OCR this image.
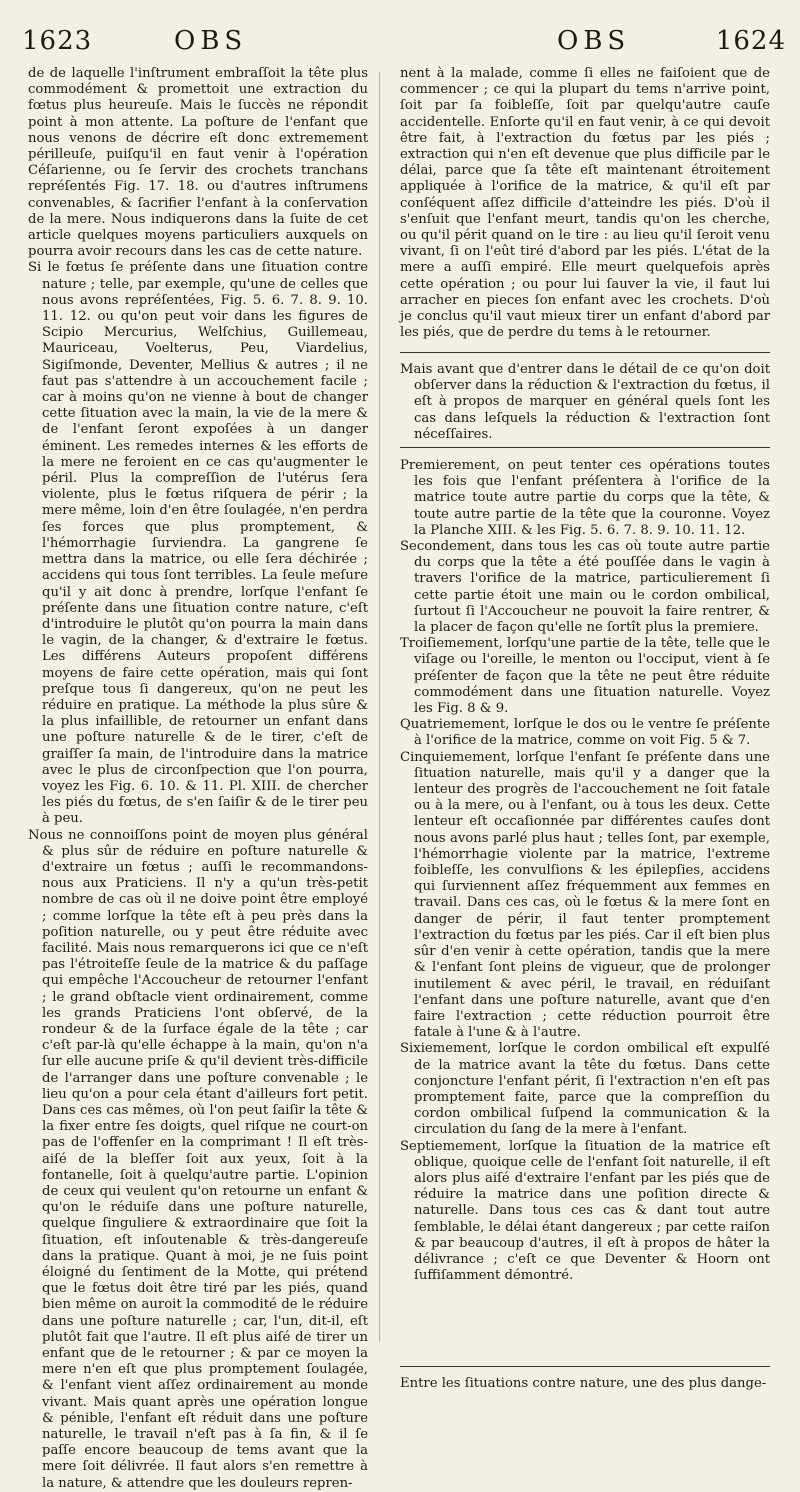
1623	OBS	OBS	1624

de de laquelle l'inſtrument embraſſoit la tête plus commodément & promettoit une extraction du fœtus plus heureuſe. Mais le ſuccès ne répondit point à mon attente. La poſture de l'enfant que nous venons de décrire eſt donc extremement périlleuſe, puiſqu'il en faut venir à l'opération Céſarienne, ou ſe ſervir des crochets tranchans repréſentés Fig. 17. 18. ou d'autres inſtrumens convenables, & ſacrifier l'enfant à la conſervation de la mere. Nous indiquerons dans la ſuite de cet article quelques moyens particuliers auxquels on pourra avoir recours dans les cas de cette nature.

Si le fœtus ſe préſente dans une ſituation contre nature ; telle, par exemple, qu'une de celles que nous avons repréſentées, Fig. 5. 6. 7. 8. 9. 10. 11. 12. ou qu'on peut voir dans les figures de Scipio Mercurius, Welſchius, Guillemeau, Mauriceau, Voelterus, Peu, Viardelius, Sigiſmonde, Deventer, Mellius & autres ; il ne faut pas s'attendre à un accouchement facile ; car à moins qu'on ne vienne à bout de changer cette ſituation avec la main, la vie de la mere & de l'enfant ſeront expoſées à un danger éminent. Les remedes internes & les efforts de la mere ne feroient en ce cas qu'augmenter le péril. Plus la compreſſion de l'utérus ſera violente, plus le fœtus riſquera de périr ; la mere même, loin d'en être ſoulagée, n'en perdra ſes forces que plus promptement, & l'hémorrhagie ſurviendra. La gangrene ſe mettra dans la matrice, ou elle ſera déchirée ; accidens qui tous ſont terribles. La ſeule meſure qu'il y ait donc à prendre, lorſque l'enfant ſe préſente dans une ſituation contre nature, c'eſt d'introduire le plutôt qu'on pourra la main dans le vagin, de la changer, & d'extraire le fœtus. Les différens Auteurs propoſent différens moyens de faire cette opération, mais qui ſont preſque tous ſi dangereux, qu'on ne peut les réduire en pratique. La méthode la plus sûre & la plus infaillible, de retourner un enfant dans une poſture naturelle & de le tirer, c'eſt de graiſſer ſa main, de l'introduire dans la matrice avec le plus de circonſpection que l'on pourra, voyez les Fig. 6. 10. & 11. Pl. XIII. de chercher les piés du fœtus, de s'en ſaiſir & de le tirer peu à peu.

Nous ne connoiſſons point de moyen plus général & plus sûr de réduire en poſture naturelle & d'extraire un fœtus ; auſſi le recommandons-nous aux Praticiens. Il n'y a qu'un très-petit nombre de cas où il ne doive point être employé ; comme lorſque la tête eſt à peu près dans la poſition naturelle, ou y peut être réduite avec facilité. Mais nous remarquerons ici que ce n'eſt pas l'étroiteſſe ſeule de la matrice & du paſſage qui empêche l'Accoucheur de retourner l'enfant ; le grand obſtacle vient ordinairement, comme les grands Praticiens l'ont obſervé, de la rondeur & de la ſurface égale de la tête ; car c'eſt par-là qu'elle échappe à la main, qu'on n'a ſur elle aucune priſe & qu'il devient très-difficile de l'arranger dans une poſture convenable ; le lieu qu'on a pour cela étant d'ailleurs fort petit. Dans ces cas mêmes, où l'on peut ſaiſir la tête & la fixer entre ſes doigts, quel riſque ne court-on pas de l'offenſer en la comprimant ! Il eſt très-aiſé de la bleſſer ſoit aux yeux, ſoit à la fontanelle, ſoit à quelqu'autre partie. L'opinion de ceux qui veulent qu'on retourne un enfant & qu'on le réduiſe dans une poſture naturelle, quelque ſinguliere & extraordinaire que ſoit la ſituation, eſt inſoutenable & très-dangereuſe dans la pratique. Quant à moi, je ne ſuis point éloigné du ſentiment de la Motte, qui prétend que le fœtus doit être tiré par les piés, quand bien même on auroit la commodité de le réduire dans une poſture naturelle ; car, l'un, dit-il, eſt plutôt fait que l'autre. Il eſt plus aiſé de tirer un enfant que de le retourner ; & par ce moyen la mere n'en eſt que plus promptement ſoulagée, & l'enfant vient aſſez ordinairement au monde vivant. Mais quant après une opération longue & pénible, l'enfant eſt réduit dans une poſture naturelle, le travail n'eſt pas à ſa fin, & il ſe paſſe encore beaucoup de tems avant que la mere ſoit délivrée. Il faut alors s'en remettre à la nature, & attendre que les douleurs repren-

nent à la malade, comme ſi elles ne faiſoient que de commencer ; ce qui la plupart du tems n'arrive point, ſoit par ſa foibleſſe, ſoit par quelqu'autre cauſe accidentelle. Enſorte qu'il en faut venir, à ce qui devoit être fait, à l'extraction du fœtus par les piés ; extraction qui n'en eſt devenue que plus difficile par le délai, parce que ſa tête eſt maintenant étroitement appliquée à l'orifice de la matrice, & qu'il eſt par conſéquent aſſez difficile d'atteindre les piés. D'où il s'enſuit que l'enfant meurt, tandis qu'on les cherche, ou qu'il périt quand on le tire : au lieu qu'il ſeroit venu vivant, ſi on l'eût tiré d'abord par les piés. L'état de la mere a auſſi empiré. Elle meurt quelquefois après cette opération ; ou pour lui ſauver la vie, il faut lui arracher en pieces ſon enfant avec les crochets. D'où je conclus qu'il vaut mieux tirer un enfant d'abord par les piés, que de perdre du tems à le retourner.

Mais avant que d'entrer dans le détail de ce qu'on doit obſerver dans la réduction & l'extraction du fœtus, il eſt à propos de marquer en général quels ſont les cas dans leſquels la réduction & l'extraction ſont néceſſaires.

Premierement, on peut tenter ces opérations toutes les fois que l'enfant préſentera à l'orifice de la matrice toute autre partie du corps que la tête, & toute autre partie de la tête que la couronne. Voyez la Planche XIII. & les Fig. 5. 6. 7. 8. 9. 10. 11. 12.

Secondement, dans tous les cas où toute autre partie du corps que la tête a été pouſſée dans le vagin à travers l'orifice de la matrice, particulierement ſi cette partie étoit une main ou le cordon ombilical, ſurtout ſi l'Accoucheur ne pouvoit la faire rentrer, & la placer de façon qu'elle ne ſortît plus la premiere.

Troiſiemement, lorſqu'une partie de la tête, telle que le viſage ou l'oreille, le menton ou l'occiput, vient à ſe préſenter de façon que la tête ne peut être réduite commodément dans une ſituation naturelle. Voyez les Fig. 8 & 9.

Quatriemement, lorſque le dos ou le ventre ſe préſente à l'orifice de la matrice, comme on voit Fig. 5 & 7.

Cinquiemement, lorſque l'enfant ſe préſente dans une ſituation naturelle, mais qu'il y a danger que la lenteur des progrès de l'accouchement ne ſoit fatale ou à la mere, ou à l'enfant, ou à tous les deux. Cette lenteur eſt occaſionnée par différentes cauſes dont nous avons parlé plus haut ; telles ſont, par exemple, l'hémorrhagie violente par la matrice, l'extreme foibleſſe, les convulſions & les épilepſies, accidens qui ſurviennent aſſez fréquemment aux femmes en travail. Dans ces cas, où le fœtus & la mere ſont en danger de périr, il faut tenter promptement l'extraction du fœtus par les piés. Car il eſt bien plus sûr d'en venir à cette opération, tandis que la mere & l'enfant ſont pleins de vigueur, que de prolonger inutilement & avec péril, le travail, en réduiſant l'enfant dans une poſture naturelle, avant que d'en faire l'extraction ; cette réduction pourroit être fatale à l'une & à l'autre.

Sixiemement, lorſque le cordon ombilical eſt expulſé de la matrice avant la tête du fœtus. Dans cette conjoncture l'enfant périt, ſi l'extraction n'en eſt pas promptement faite, parce que la compreſſion du cordon ombilical ſuſpend la communication & la circulation du ſang de la mere à l'enfant.

Septiemement, lorſque la ſituation de la matrice eſt oblique, quoique celle de l'enfant ſoit naturelle, il eſt alors plus aiſé d'extraire l'enfant par les piés que de réduire la matrice dans une poſition directe & naturelle. Dans tous ces cas & dant tout autre ſemblable, le délai étant dangereux ; par cette raiſon & par beaucoup d'autres, il eſt à propos de hâter la délivrance ; c'eſt ce que Deventer & Hoorn ont ſuffiſamment démontré.

Entre les ſituations contre nature, une des plus dange-
